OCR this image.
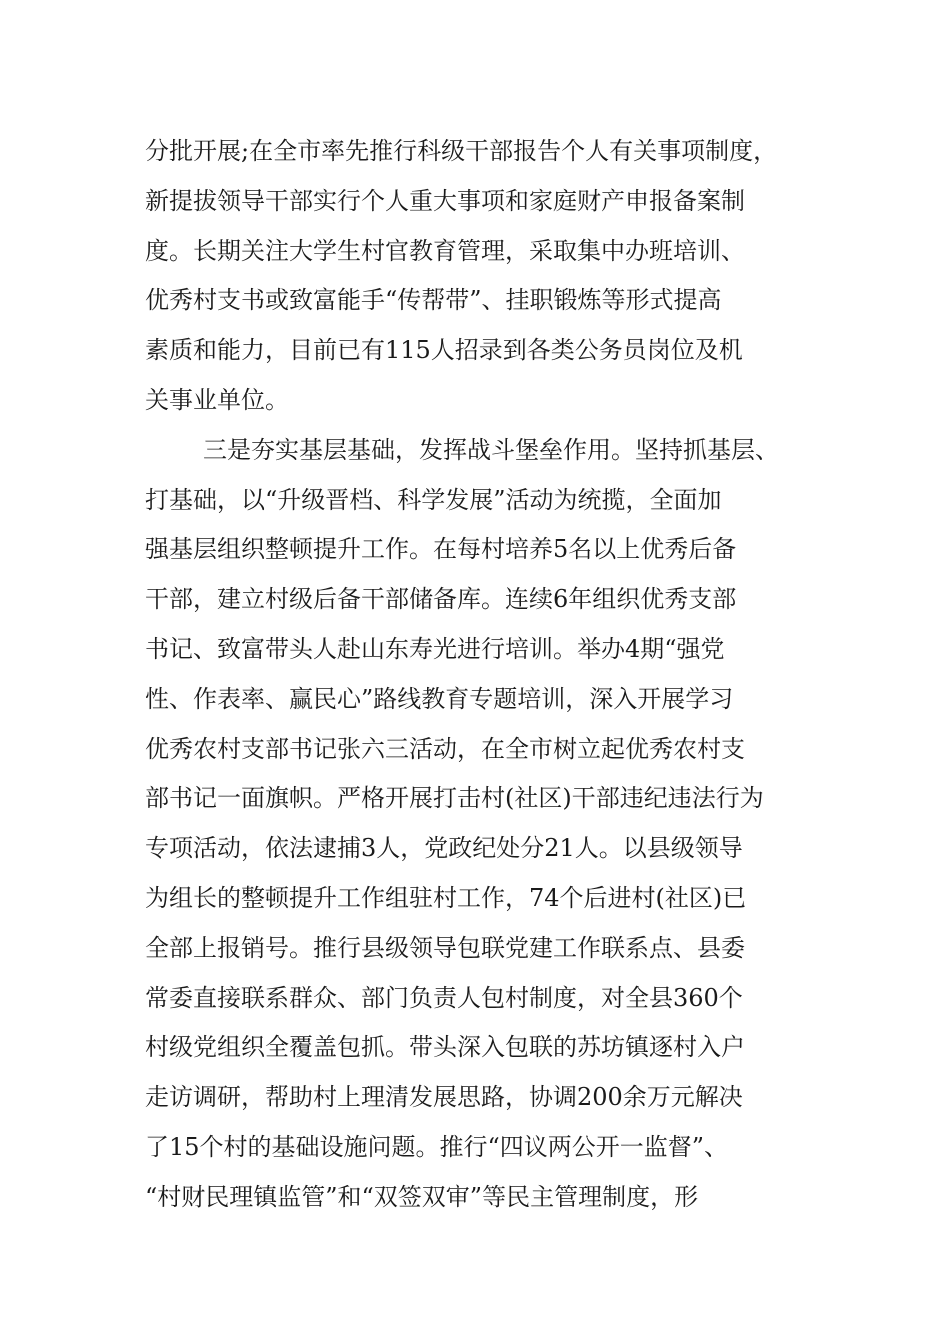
分批开展;在全市率先推行科级干部报告个人有关事项制度，
新提拔领导干部实行个人重大事项和家庭财产申报备案制
度。长期关注大学生村官教育管理，采取集中办班培训、
优秀村支书或致富能手“传帮带”、挂职锻炼等形式提高
素质和能力，目前已有115人招录到各类公务员岗位及机
关事业单位。
三是夯实基层基础，发挥战斗堡垒作用。坚持抓基层、
打基础，以“升级晋档、科学发展”活动为统揽，全面加
强基层组织整顿提升工作。在每村培养5名以上优秀后备
干部，建立村级后备干部储备库。连续6年组织优秀支部
书记、致富带头人赴山东寿光进行培训。举办4期“强党
性、作表率、赢民心”路线教育专题培训，深入开展学习
优秀农村支部书记张六三活动，在全市树立起优秀农村支
部书记一面旗帜。严格开展打击村(社区)干部违纪违法行为
专项活动，依法逮捕3人，党政纪处分21人。以县级领导
为组长的整顿提升工作组驻村工作，74个后进村(社区)已
全部上报销号。推行县级领导包联党建工作联系点、县委
常委直接联系群众、部门负责人包村制度，对全县360个
村级党组织全覆盖包抓。带头深入包联的苏坊镇逐村入户
走访调研，帮助村上理清发展思路，协调200余万元解决
了15个村的基础设施问题。推行“四议两公开一监督”、
“村财民理镇监管”和“双签双审”等民主管理制度，形
